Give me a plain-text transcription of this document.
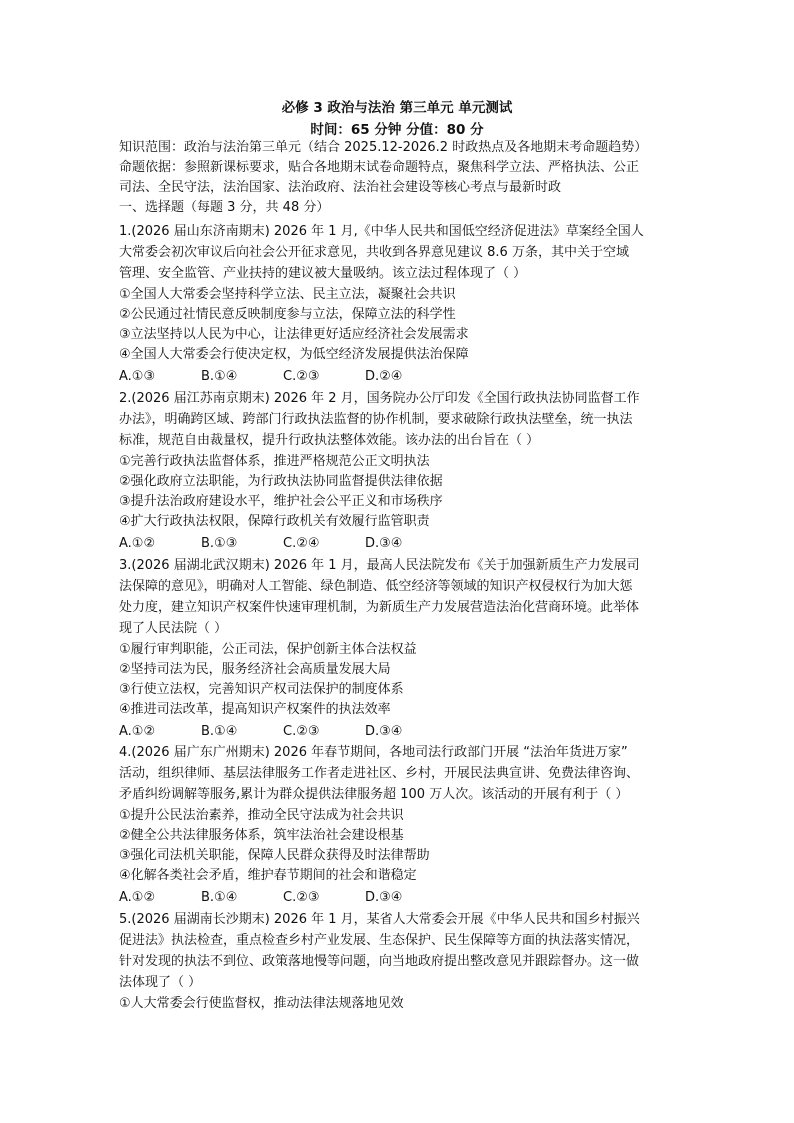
必修 3 政治与法治 第三单元 单元测试
时间：65 分钟 分值：80 分
知识范围：政治与法治第三单元（结合 2025.12-2026.2 时政热点及各地期末考命题趋势）
命题依据：参照新课标要求，贴合各地期末试卷命题特点，聚焦科学立法、严格执法、公正
司法、全民守法，法治国家、法治政府、法治社会建设等核心考点与最新时政
一、选择题（每题 3 分，共 48 分）
1.(2026 届山东济南期末) 2026 年 1 月,《中华人民共和国低空经济促进法》草案经全国人
大常委会初次审议后向社会公开征求意见，共收到各界意见建议 8.6 万条，其中关于空域
管理、安全监管、产业扶持的建议被大量吸纳。该立法过程体现了（ ）
①全国人大常委会坚持科学立法、民主立法，凝聚社会共识
②公民通过社情民意反映制度参与立法，保障立法的科学性
③立法坚持以人民为中心，让法律更好适应经济社会发展需求
④全国人大常委会行使决定权，为低空经济发展提供法治保障
A.①③	B.①④	C.②③	D.②④
2.(2026 届江苏南京期末) 2026 年 2 月，国务院办公厅印发《全国行政执法协同监督工作
办法》，明确跨区域、跨部门行政执法监督的协作机制，要求破除行政执法壁垒，统一执法
标准，规范自由裁量权，提升行政执法整体效能。该办法的出台旨在（ ）
①完善行政执法监督体系，推进严格规范公正文明执法
②强化政府立法职能，为行政执法协同监督提供法律依据
③提升法治政府建设水平，维护社会公平正义和市场秩序
④扩大行政执法权限，保障行政机关有效履行监管职责
A.①②	B.①③	C.②④	D.③④
3.(2026 届湖北武汉期末) 2026 年 1 月，最高人民法院发布《关于加强新质生产力发展司
法保障的意见》，明确对人工智能、绿色制造、低空经济等领域的知识产权侵权行为加大惩
处力度，建立知识产权案件快速审理机制，为新质生产力发展营造法治化营商环境。此举体
现了人民法院（ ）
①履行审判职能，公正司法，保护创新主体合法权益
②坚持司法为民，服务经济社会高质量发展大局
③行使立法权，完善知识产权司法保护的制度体系
④推进司法改革，提高知识产权案件的执法效率
A.①②	B.①④	C.②③	D.③④
4.(2026 届广东广州期末) 2026 年春节期间，各地司法行政部门开展 “法治年货进万家”
活动，组织律师、基层法律服务工作者走进社区、乡村，开展民法典宣讲、免费法律咨询、
矛盾纠纷调解等服务,累计为群众提供法律服务超 100 万人次。该活动的开展有利于（ ）
①提升公民法治素养，推动全民守法成为社会共识
②健全公共法律服务体系，筑牢法治社会建设根基
③强化司法机关职能，保障人民群众获得及时法律帮助
④化解各类社会矛盾，维护春节期间的社会和谐稳定
A.①②	B.①④	C.②③	D.③④
5.(2026 届湖南长沙期末) 2026 年 1 月，某省人大常委会开展《中华人民共和国乡村振兴
促进法》执法检查，重点检查乡村产业发展、生态保护、民生保障等方面的执法落实情况，
针对发现的执法不到位、政策落地慢等问题，向当地政府提出整改意见并跟踪督办。这一做
法体现了（ ）
①人大常委会行使监督权，推动法律法规落地见效
